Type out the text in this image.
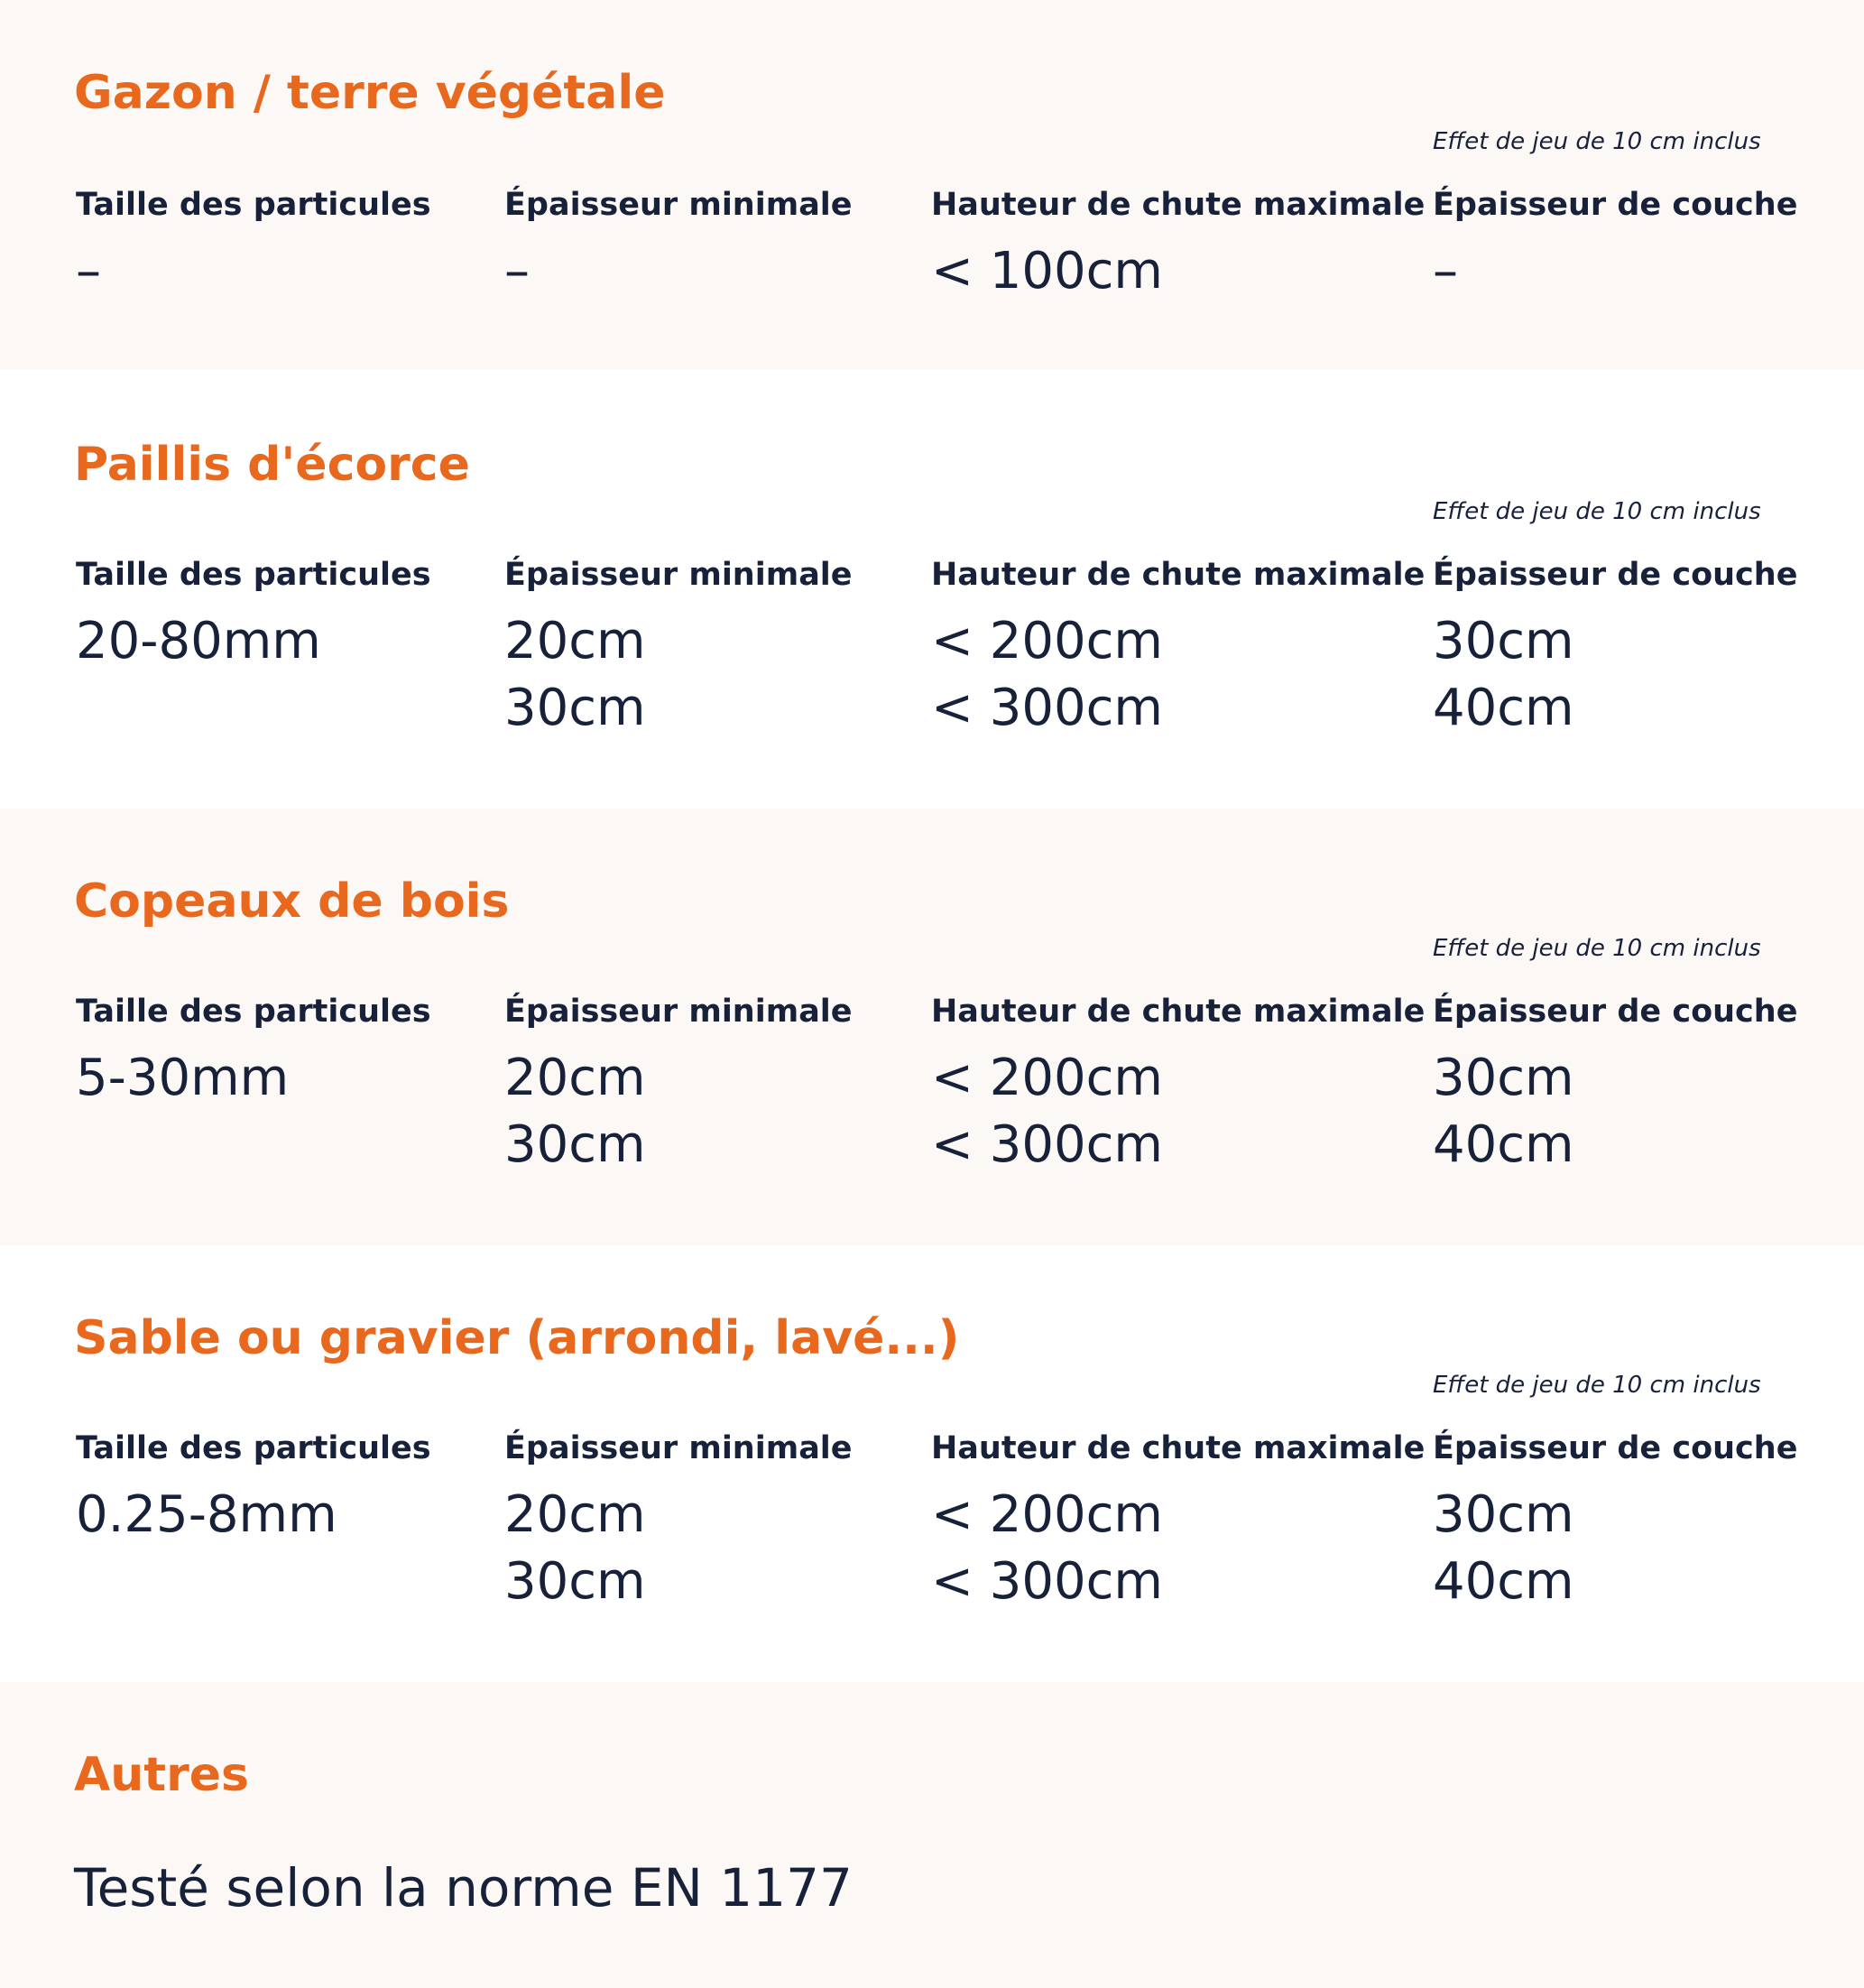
Gazon / terre végétale
Effet de jeu de 10 cm inclus
Taille des particules
–
Épaisseur minimale
–
Hauteur de chute maximale
< 100cm
Épaisseur de couche
–
Paillis d'écorce
Effet de jeu de 10 cm inclus
Taille des particules
20-80mm
Épaisseur minimale
20cm
30cm
Hauteur de chute maximale
< 200cm
< 300cm
Épaisseur de couche
30cm
40cm
Copeaux de bois
Effet de jeu de 10 cm inclus
Taille des particules
5-30mm
Épaisseur minimale
20cm
30cm
Hauteur de chute maximale
< 200cm
< 300cm
Épaisseur de couche
30cm
40cm
Sable ou gravier (arrondi, lavé...)
Effet de jeu de 10 cm inclus
Taille des particules
0.25-8mm
Épaisseur minimale
20cm
30cm
Hauteur de chute maximale
< 200cm
< 300cm
Épaisseur de couche
30cm
40cm
Autres
Testé selon la norme EN 1177
